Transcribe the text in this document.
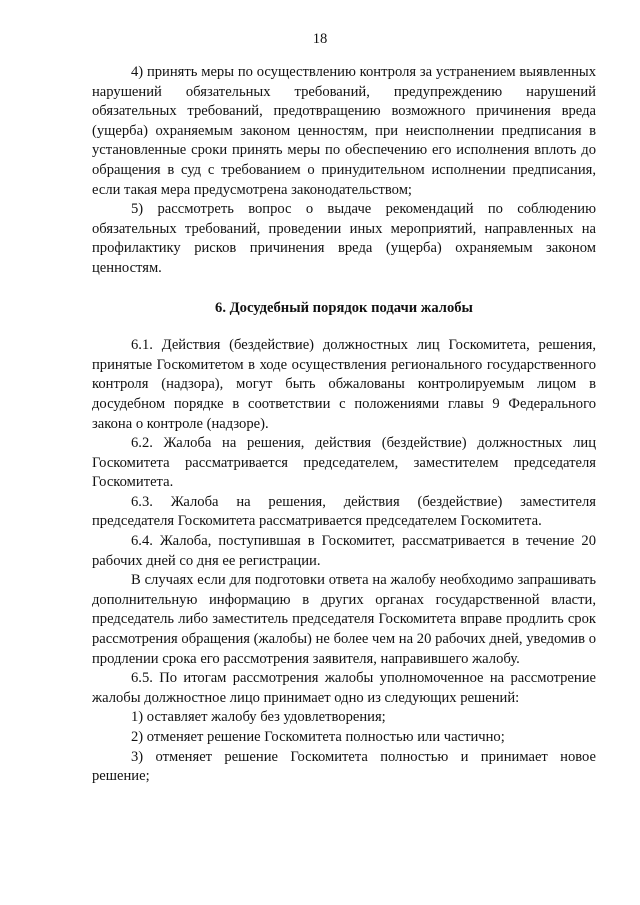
18

4) принять меры по осуществлению контроля за устранением выявленных нарушений обязательных требований, предупреждению нарушений обязательных требований, предотвращению возможного причинения вреда (ущерба) охраняемым законом ценностям, при неисполнении предписания в установленные сроки принять меры по обеспечению его исполнения вплоть до обращения в суд с требованием о принудительном исполнении предписания, если такая мера предусмотрена законодательством;

5) рассмотреть вопрос о выдаче рекомендаций по соблюдению обязательных требований, проведении иных мероприятий, направленных на профилактику рисков причинения вреда (ущерба) охраняемым законом ценностям.

6. Досудебный порядок подачи жалобы

6.1. Действия (бездействие) должностных лиц Госкомитета, решения, принятые Госкомитетом в ходе осуществления регионального государственного контроля (надзора), могут быть обжалованы контролируемым лицом в досудебном порядке в соответствии с положениями главы 9 Федерального закона о контроле (надзоре).

6.2. Жалоба на решения, действия (бездействие) должностных лиц Госкомитета рассматривается председателем, заместителем председателя Госкомитета.

6.3. Жалоба на решения, действия (бездействие) заместителя председателя Госкомитета рассматривается председателем Госкомитета.

6.4. Жалоба, поступившая в Госкомитет, рассматривается в течение 20 рабочих дней со дня ее регистрации.

В случаях если для подготовки ответа на жалобу необходимо запрашивать дополнительную информацию в других органах государственной власти, председатель либо заместитель председателя Госкомитета вправе продлить срок рассмотрения обращения (жалобы) не более чем на 20 рабочих дней, уведомив о продлении срока его рассмотрения заявителя, направившего жалобу.

6.5. По итогам рассмотрения жалобы уполномоченное на рассмотрение жалобы должностное лицо принимает одно из следующих решений:

1) оставляет жалобу без удовлетворения;

2) отменяет решение Госкомитета полностью или частично;

3) отменяет решение Госкомитета полностью и принимает новое решение;
